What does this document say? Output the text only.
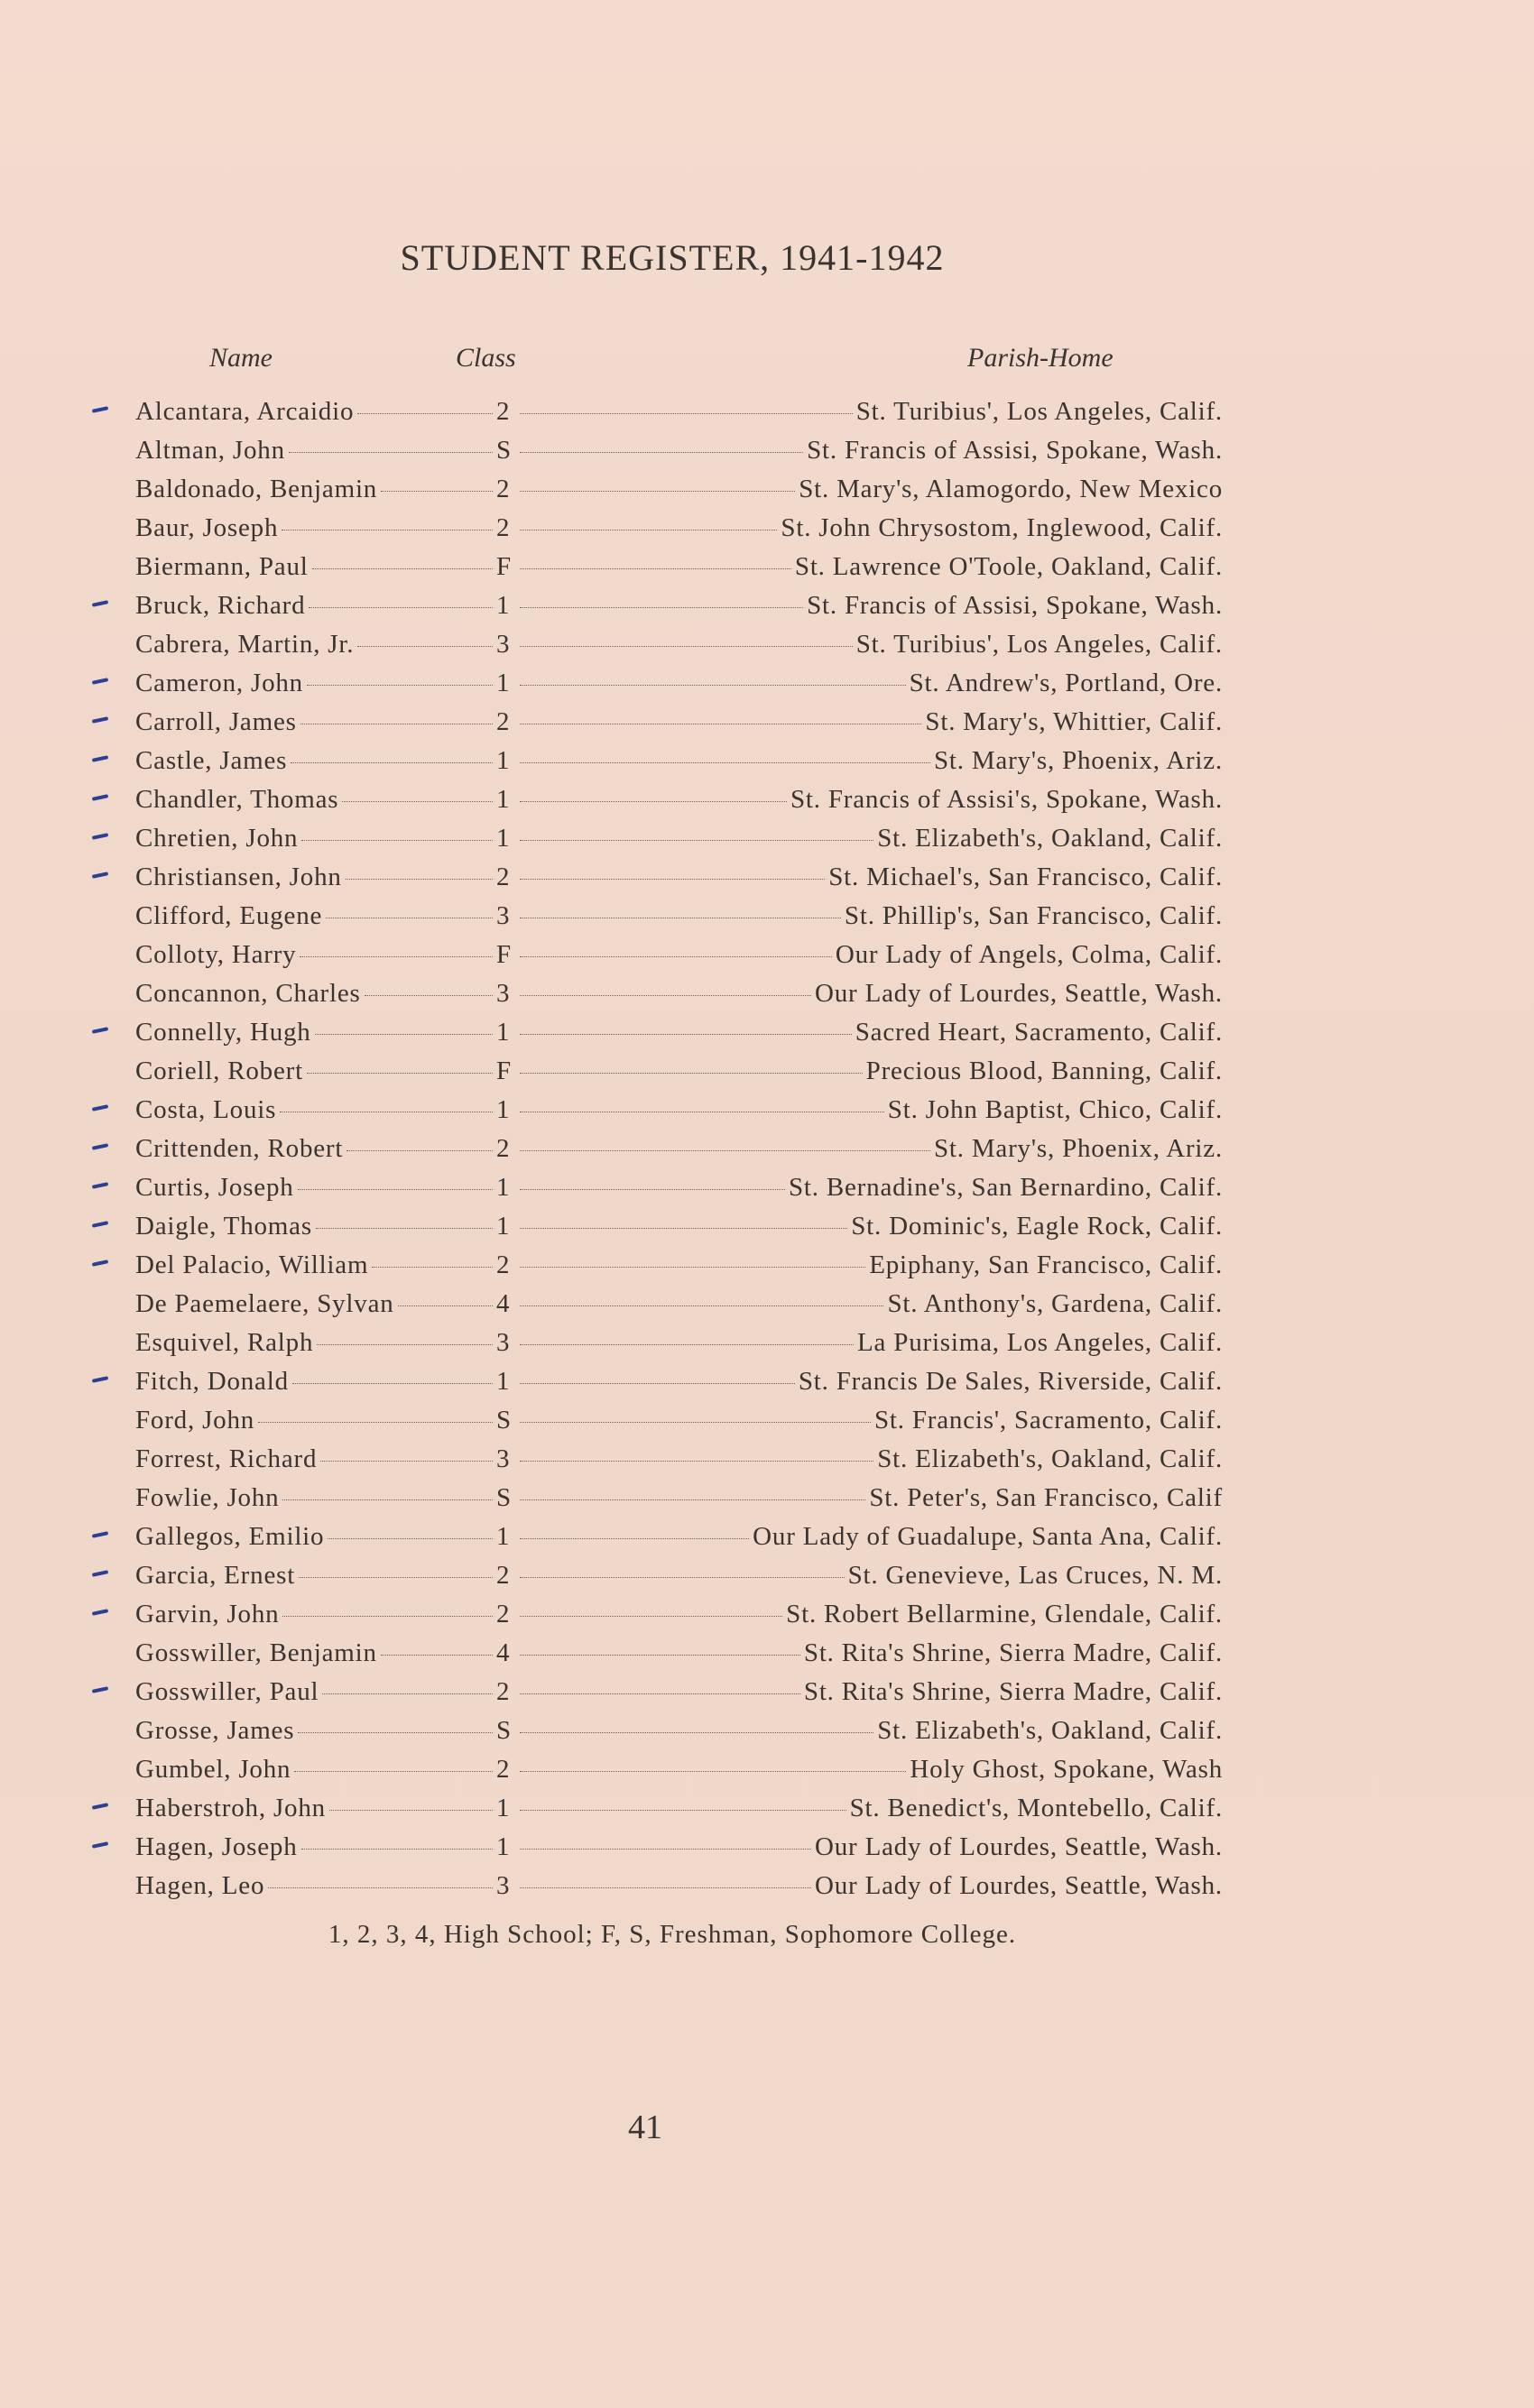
STUDENT REGISTER, 1941-1942
Name	Class	Parish-Home
Alcantara, Arcaidio	2	St. Turibius', Los Angeles, Calif.
Altman, John	S	St. Francis of Assisi, Spokane, Wash.
Baldonado, Benjamin	2	St. Mary's, Alamogordo, New Mexico
Baur, Joseph	2	St. John Chrysostom, Inglewood, Calif.
Biermann, Paul	F	St. Lawrence O'Toole, Oakland, Calif.
Bruck, Richard	1	St. Francis of Assisi, Spokane, Wash.
Cabrera, Martin, Jr.	3	St. Turibius', Los Angeles, Calif.
Cameron, John	1	St. Andrew's, Portland, Ore.
Carroll, James	2	St. Mary's, Whittier, Calif.
Castle, James	1	St. Mary's, Phoenix, Ariz.
Chandler, Thomas	1	St. Francis of Assisi's, Spokane, Wash.
Chretien, John	1	St. Elizabeth's, Oakland, Calif.
Christiansen, John	2	St. Michael's, San Francisco, Calif.
Clifford, Eugene	3	St. Phillip's, San Francisco, Calif.
Colloty, Harry	F	Our Lady of Angels, Colma, Calif.
Concannon, Charles	3	Our Lady of Lourdes, Seattle, Wash.
Connelly, Hugh	1	Sacred Heart, Sacramento, Calif.
Coriell, Robert	F	Precious Blood, Banning, Calif.
Costa, Louis	1	St. John Baptist, Chico, Calif.
Crittenden, Robert	2	St. Mary's, Phoenix, Ariz.
Curtis, Joseph	1	St. Bernadine's, San Bernardino, Calif.
Daigle, Thomas	1	St. Dominic's, Eagle Rock, Calif.
Del Palacio, William	2	Epiphany, San Francisco, Calif.
De Paemelaere, Sylvan	4	St. Anthony's, Gardena, Calif.
Esquivel, Ralph	3	La Purisima, Los Angeles, Calif.
Fitch, Donald	1	St. Francis De Sales, Riverside, Calif.
Ford, John	S	St. Francis', Sacramento, Calif.
Forrest, Richard	3	St. Elizabeth's, Oakland, Calif.
Fowlie, John	S	St. Peter's, San Francisco, Calif
Gallegos, Emilio	1	Our Lady of Guadalupe, Santa Ana, Calif.
Garcia, Ernest	2	St. Genevieve, Las Cruces, N. M.
Garvin, John	2	St. Robert Bellarmine, Glendale, Calif.
Gosswiller, Benjamin	4	St. Rita's Shrine, Sierra Madre, Calif.
Gosswiller, Paul	2	St. Rita's Shrine, Sierra Madre, Calif.
Grosse, James	S	St. Elizabeth's, Oakland, Calif.
Gumbel, John	2	Holy Ghost, Spokane, Wash
Haberstroh, John	1	St. Benedict's, Montebello, Calif.
Hagen, Joseph	1	Our Lady of Lourdes, Seattle, Wash.
Hagen, Leo	3	Our Lady of Lourdes, Seattle, Wash.
1, 2, 3, 4, High School; F, S, Freshman, Sophomore College.
41
